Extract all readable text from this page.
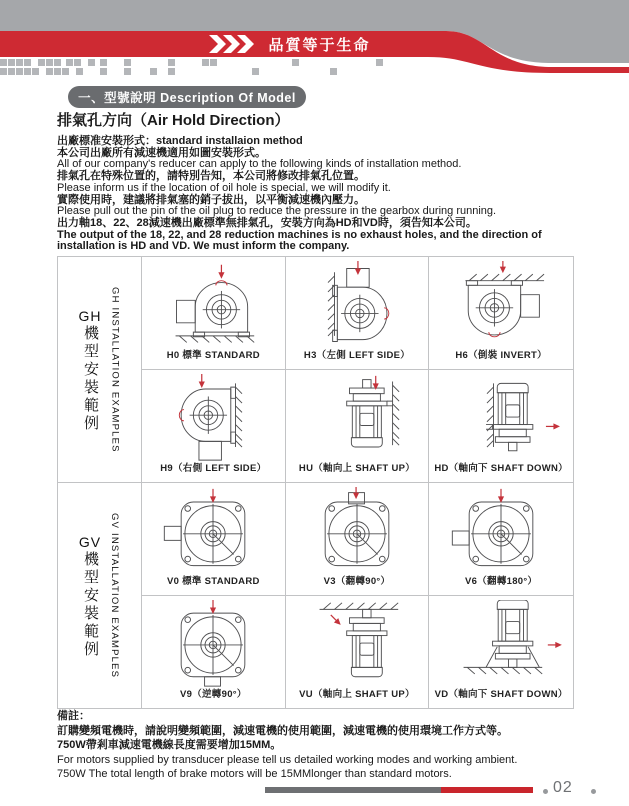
品質等于生命
一、型號說明 Description Of Model
排氣孔方向（Air Hold Direction）

出廠標准安裝形式：standard installaion method

本公司出廠所有減速機適用如圖安裝形式。

All of our company's reducer can apply to the following kinds of installation method.

排氣孔在特殊位置的，請特別告知，本公司將修改排氣孔位置。

Please inform us if the location of oil hole is special, we will modify it.

實際使用時，建議將排氣塞的銷子拔出，以平衡減速機內壓力。

Please pull out the pin of the oil plug to reduce the pressure in the gearbox during running.

出力軸18、22、28減速機出廠標準無排氣孔，安裝方向為HD和VD時，須告知本公司。

The output of the 18, 22, and 28 reduction machines is no exhaust holes, and the direction of

installation is HD and VD. We must inform the company.

GH
機型安裝範例
GH INSTALLATION EXAMPLES	H0 標準 STANDARD	H3（左側 LEFT SIDE）	H6（倒裝 INVERT）
H9（右側 LEFT SIDE）	HU（軸向上 SHAFT UP）	HD（軸向下 SHAFT DOWN）
GV
機型安裝範例
GV INSTALLATION EXAMPLES	V0 標準 STANDARD	V3（翻轉90°）	V6（翻轉180°）
V9（逆轉90°）	VU（軸向上 SHAFT UP）	VD（軸向下 SHAFT DOWN）

備註：

訂購變頻電機時，請說明變頻範圍，減速電機的使用範圍，減速電機的使用環境工作方式等。

750W帶剎車減速電機線長度需要增加15MM。

For motors supplied by transducer please tell us detailed working modes and working ambient.

750W The total length of brake motors will be 15MMlonger than standard motors.

02
